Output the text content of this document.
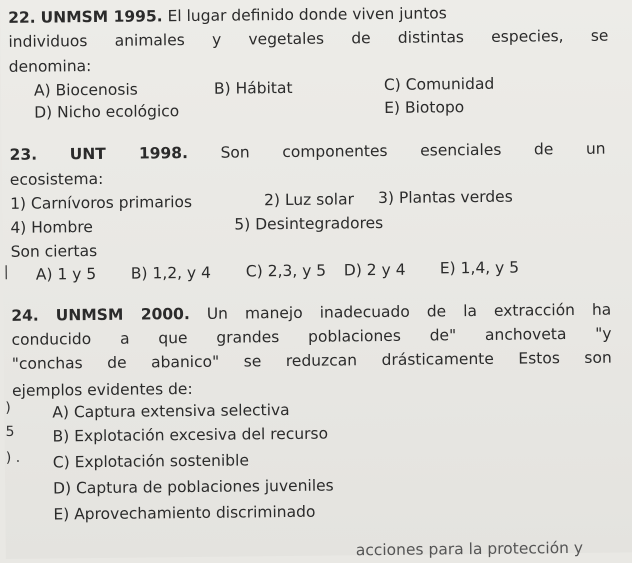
22. UNMSM 1995. El lugar definido donde viven juntos
individuos animales y vegetales de distintas especies, se
denomina:
A) Biocenosis	B) Hábitat	C) Comunidad
D) Nicho ecológico	E) Biotopo
23. UNT 1998. Son componentes esenciales de un
ecosistema:
1) Carnívoros primarios	2) Luz solar 3) Plantas verdes
4) Hombre	5) Desintegradores
Son ciertas
| A) 1 y 5 B) 1,2, y 4 C) 2,3, y 5 D) 2 y 4 E) 1,4, y 5
24. UNMSM 2000. Un manejo inadecuado de la extracción ha
conducido a que grandes poblaciones de" anchoveta "y
"conchas de abanico" se reduzcan drásticamente Estos son
ejemplos evidentes de:
)	A) Captura extensiva selectiva
5 B) Explotación excesiva del recurso
) . C) Explotación sostenible
D) Captura de poblaciones juveniles
E) Aprovechamiento discriminado
acciones para la protección y
